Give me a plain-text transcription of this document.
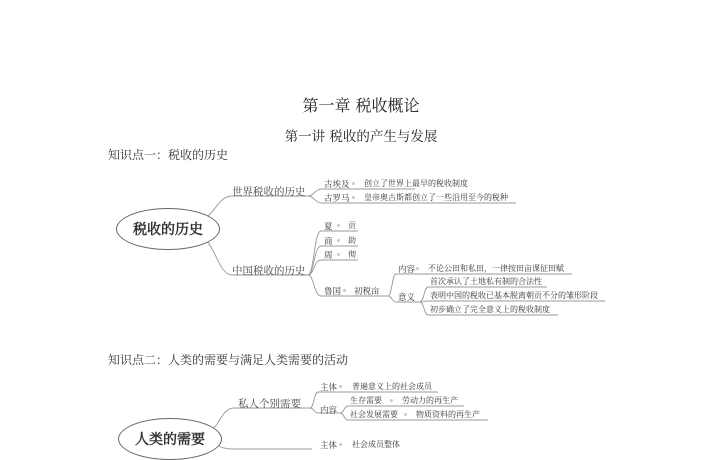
第一章 税收概论
第一讲 税收的产生与发展
知识点一：税收的历史
税收的历史
世界税收的历史
古埃及 创立了世界上最早的税收制度
古罗马 皇帝奥古斯都创立了一些沿用至今的税种
中国税收的历史
夏 贡
商 助
周 彻
鲁国 初税亩
内容 不论公田和私田，一律按田亩课征田赋
意义
首次承认了土地私有制的合法性
表明中国的税收已基本脱离朝贡不分的雏形阶段
初步确立了完全意义上的税收制度
知识点二：人类的需要与满足人类需要的活动
人类的需要
私人个别需要
主体 普遍意义上的社会成员
内容
生存需要	劳动力的再生产
社会发展需要 物质资料的再生产
主体 社会成员整体
